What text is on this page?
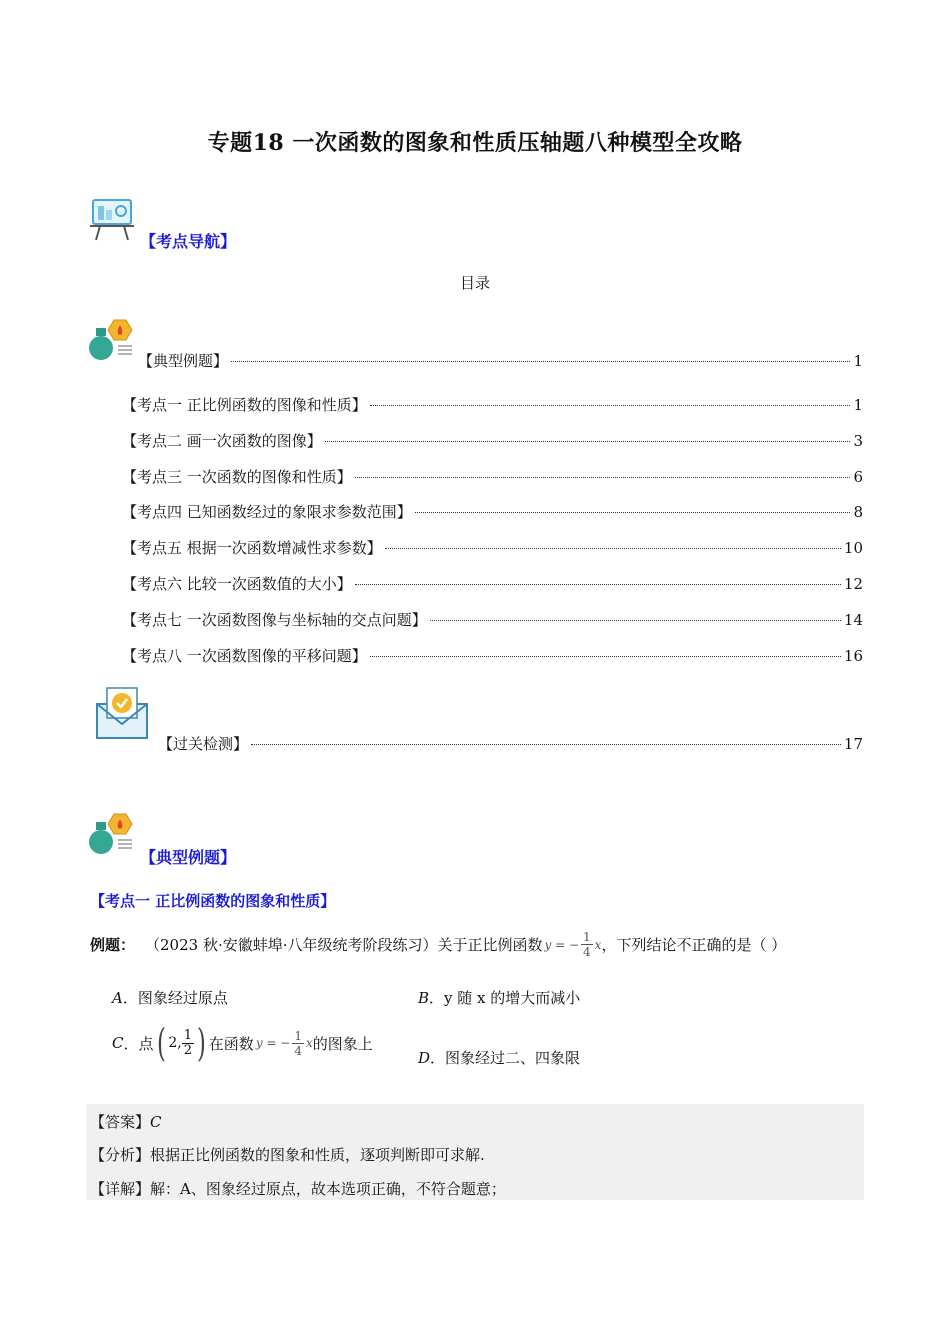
专题18 一次函数的图象和性质压轴题八种模型全攻略
【考点导航】
目录
【典型例题】	1
【考点一 正比例函数的图像和性质】	1
【考点二 画一次函数的图像】	3
【考点三 一次函数的图像和性质】	6
【考点四 已知函数经过的象限求参数范围】	8
【考点五 根据一次函数增减性求参数】	10
【考点六 比较一次函数值的大小】	12
【考点七 一次函数图像与坐标轴的交点问题】	14
【考点八 一次函数图像的平移问题】	16
【过关检测】	17
【典型例题】
【考点一 正比例函数的图象和性质】
例题： （2023 秋·安徽蚌埠·八年级统考阶段练习）关于正比例函数 y = − $\frac{1}{4}$ x ，下列结论不正确的是（ ）
A．图象经过原点	B．y 随 x 的增大而减小
C ．点 ( 2, $\frac{1}{2}$ ) 在函数 y = − $\frac{1}{4}$ x 的图象上
D．图象经过二、四象限
【答案】C
【分析】根据正比例函数的图象和性质，逐项判断即可求解.
【详解】解：A、图象经过原点，故本选项正确，不符合题意；
